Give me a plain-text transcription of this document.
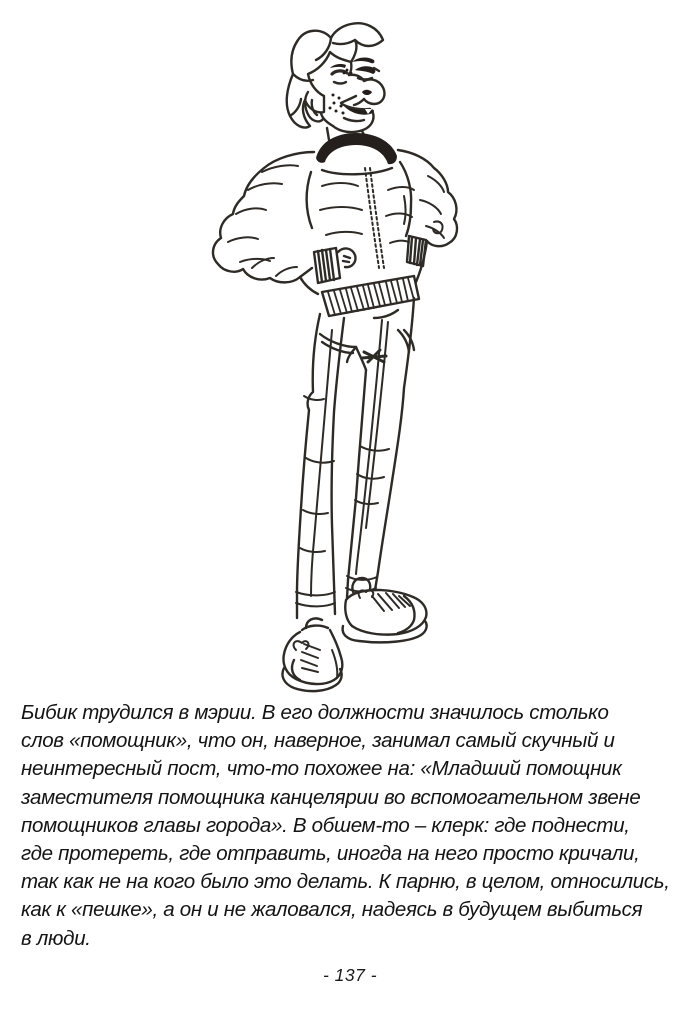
Бибик трудился в мэрии. В его должности значилось столько
слов «помощник», что он, наверное, занимал самый скучный и
неинтересный пост, что-то похожее на: «Младший помощник
заместителя помощника канцелярии во вспомогательном звене
помощников главы города». В обшем-то – клерк: где поднести,
где протереть, где отправить, иногда на него просто кричали,
так как не на кого было это делать. К парню, в целом, относились,
как к «пешке», а он и не жаловался, надеясь в будущем выбиться
в люди.
- 137 -
